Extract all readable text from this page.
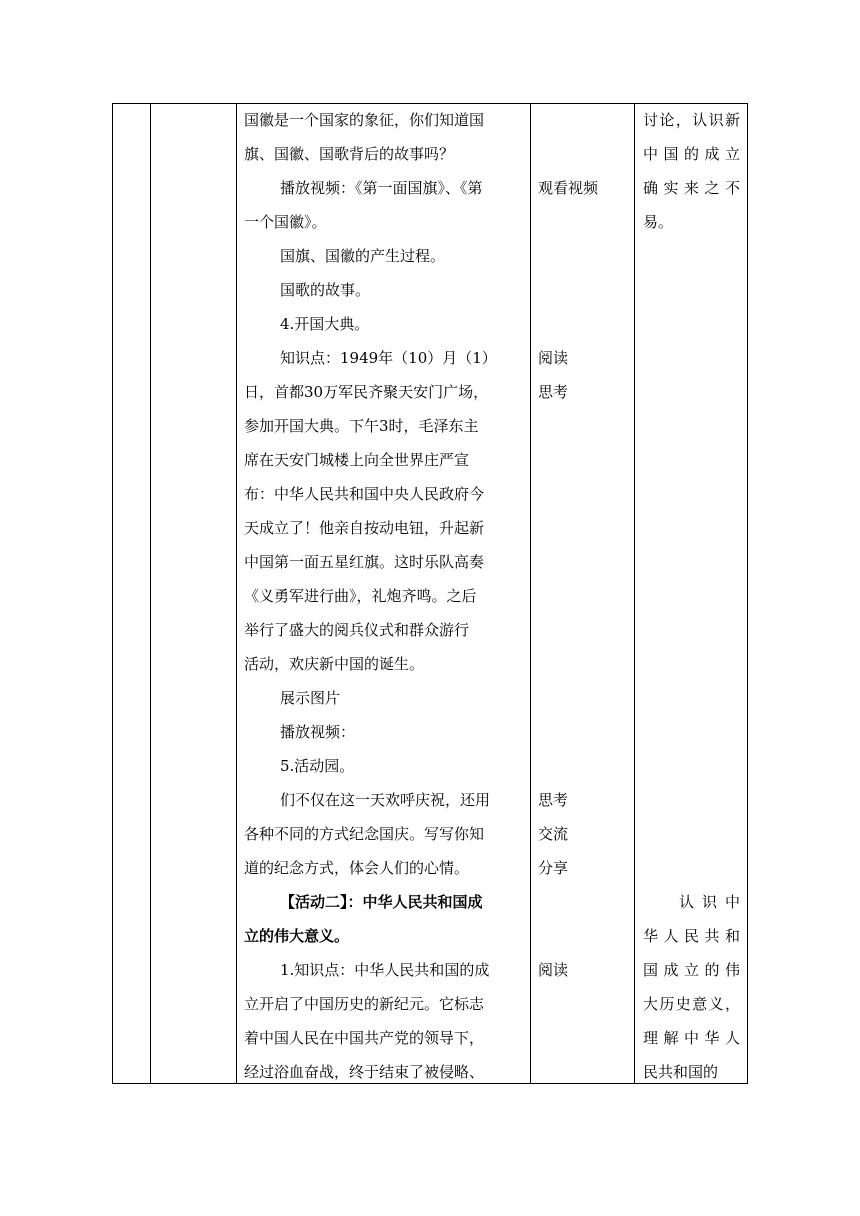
国徽是一个国家的象征，你们知道国

旗、国徽、国歌背后的故事吗？

播放视频：《第一面国旗》、《第

一个国徽》。

国旗、国徽的产生过程。

国歌的故事。

4.开国大典。

知识点：1949年（10）月（1）

日，首都30万军民齐聚天安门广场，

参加开国大典。下午3时，毛泽东主

席在天安门城楼上向全世界庄严宣

布：中华人民共和国中央人民政府今

天成立了！他亲自按动电钮，升起新

中国第一面五星红旗。这时乐队高奏

《义勇军进行曲》，礼炮齐鸣。之后

举行了盛大的阅兵仪式和群众游行

活动，欢庆新中国的诞生。

展示图片

播放视频：

5.活动园。

们不仅在这一天欢呼庆祝，还用

各种不同的方式纪念国庆。写写你知

道的纪念方式，体会人们的心情。

【活动二】：中华人民共和国成

立的伟大意义。

1.知识点：中华人民共和国的成

立开启了中国历史的新纪元。它标志

着中国人民在中国共产党的领导下，

经过浴血奋战，终于结束了被侵略、

观看视频

阅读

思考

思考

交流

分享

阅读

讨论，认识新

中国的成立

确实来之不

易。

认识中

华人民共和

国成立的伟

大历史意义，

理解中华人

民共和国的
